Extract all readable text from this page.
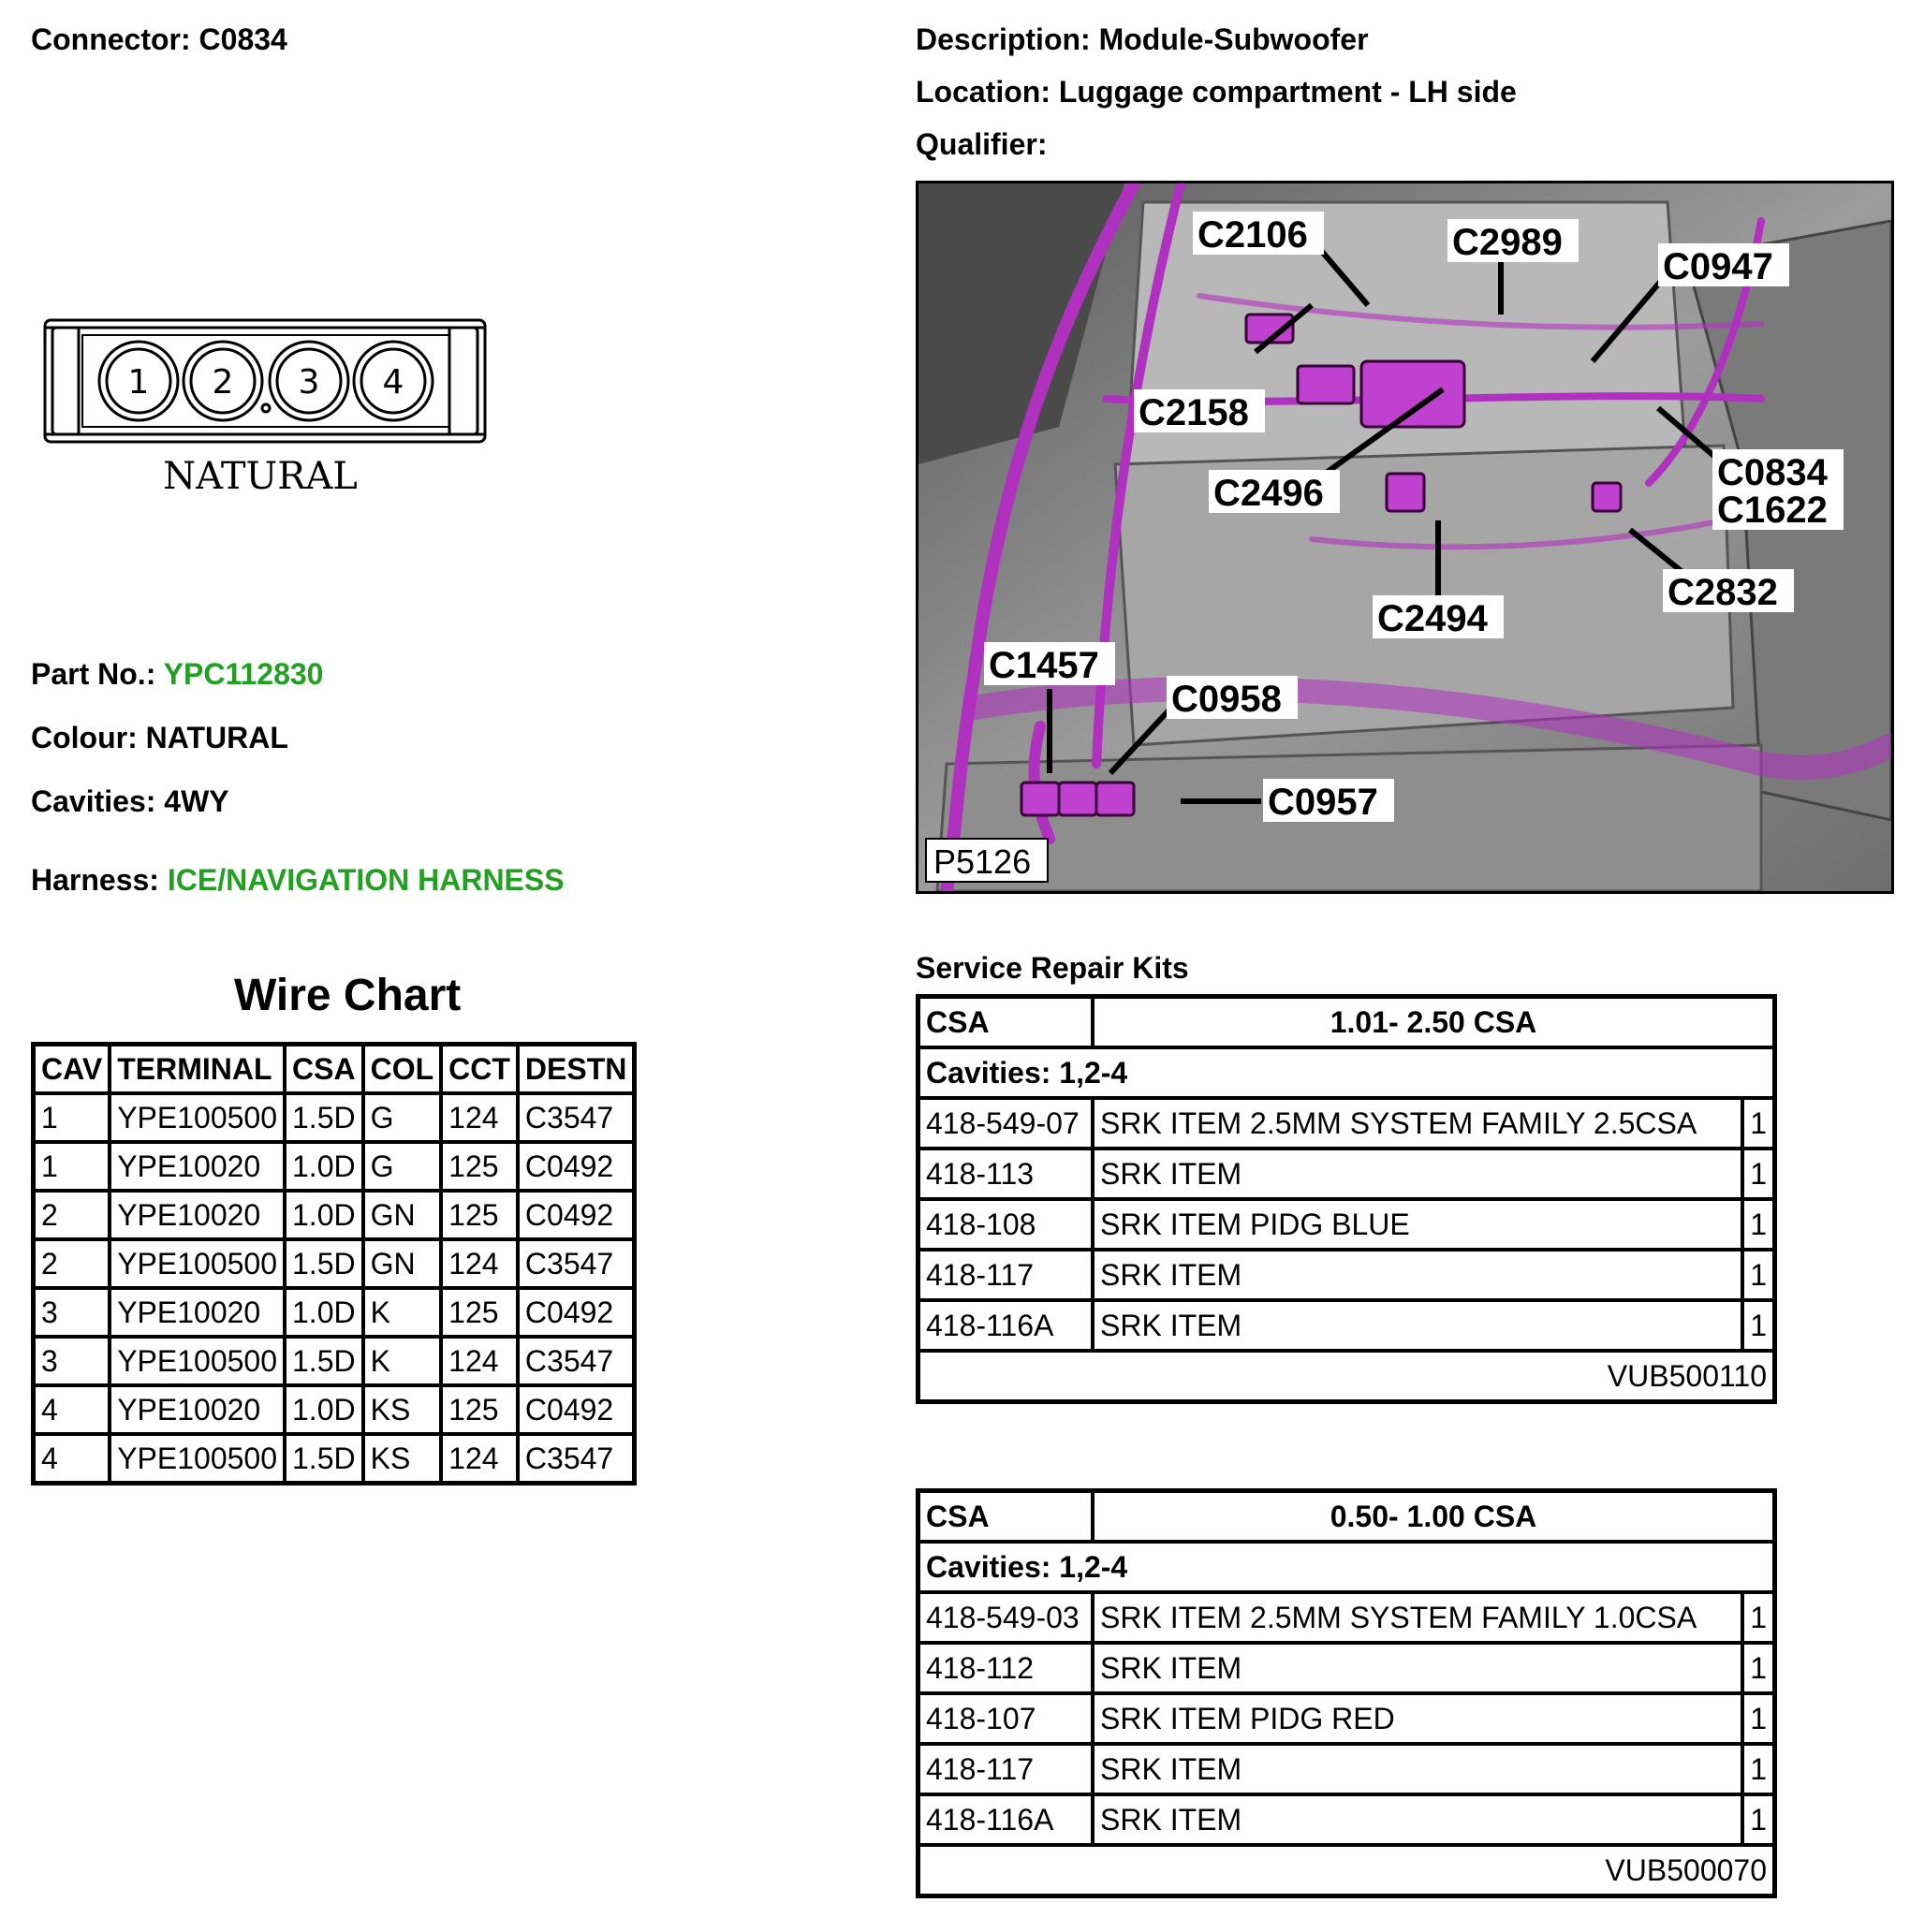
Connector: C0834	Description: Module-Subwoofer
Location: Luggage compartment - LH side
Qualifier:
1 2 3 4
NATURAL
Part No.: YPC112830
Colour: NATURAL
Cavities: 4WY
Harness: ICE/NAVIGATION HARNESS
Wire Chart
CAV	TERMINAL	CSA	COL	CCT	DESTN
1	YPE100500	1.5D	G	124	C3547
1	YPE10020	1.0D	G	125	C0492
2	YPE10020	1.0D	GN	125	C0492
2	YPE100500	1.5D	GN	124	C3547
3	YPE10020	1.0D	K	125	C0492
3	YPE100500	1.5D	K	124	C3547
4	YPE10020	1.0D	KS	125	C0492
4	YPE100500	1.5D	KS	124	C3547
C2106	C2989
C0947
C2158
C2496	C0834
C1622
C2832
C2494
C1457
C0958
C0957
P5126
Service Repair Kits
CSA	1.01- 2.50 CSA	
Cavities: 1,2-4		
418-549-07	SRK ITEM 2.5MM SYSTEM FAMILY 2.5CSA	1
418-113	SRK ITEM	1
418-108	SRK ITEM PIDG BLUE	1
418-117	SRK ITEM	1
418-116A	SRK ITEM	1
VUB500110		
CSA	0.50- 1.00 CSA	
Cavities: 1,2-4		
418-549-03	SRK ITEM 2.5MM SYSTEM FAMILY 1.0CSA	1
418-112	SRK ITEM	1
418-107	SRK ITEM PIDG RED	1
418-117	SRK ITEM	1
418-116A	SRK ITEM	1
VUB500070		
